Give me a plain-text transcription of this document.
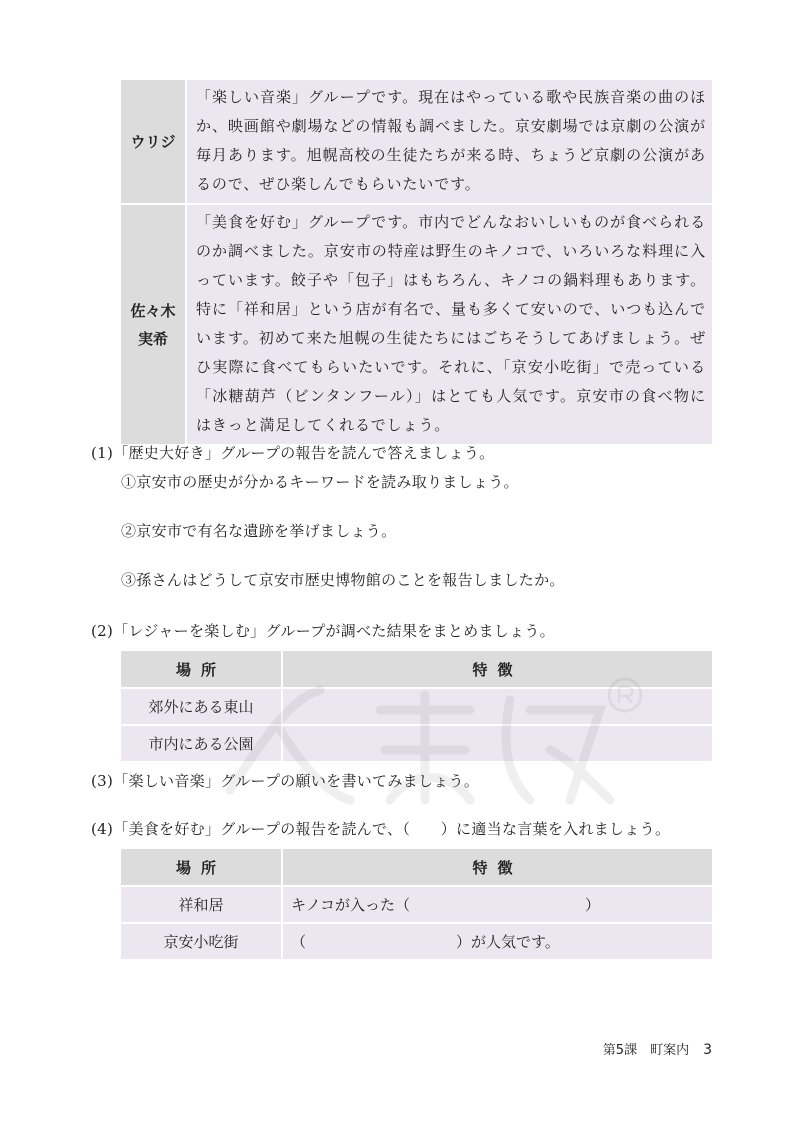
ウリジ	「楽しい音楽」グループです。現在はやっている歌や民族音楽の曲のほか、映画館や劇場などの情報も調べました。京安劇場では京劇の公演が毎月あります。旭幌高校の生徒たちが来る時、ちょうど京劇の公演があるので、ぜひ楽しんでもらいたいです。

佐々木
実希	「美食を好む」グループです。市内でどんなおいしいものが食べられるのか調べました。京安市の特産は野生のキノコで、いろいろな料理に入っています。餃子や「包子」はもちろん、キノコの鍋料理もあります。特に「祥和居」という店が有名で、量も多くて安いので、いつも込んでいます。初めて来た旭幌の生徒たちにはごちそうしてあげましょう。ぜひ実際に食べてもらいたいです。それに、「京安小吃街」で売っている「冰糖葫芦（ビンタンフール）」はとても人気です。京安市の食べ物にはきっと満足してくれるでしょう。
(1)「歴史大好き」グループの報告を読んで答えましょう。
①京安市の歴史が分かるキーワードを読み取りましょう。
②京安市で有名な遺跡を挙げましょう。
③孫さんはどうして京安市歴史博物館のことを報告しましたか。
(2)「レジャーを楽しむ」グループが調べた結果をまとめましょう。
場所	特徴
郊外にある東山	
市内にある公園	
(3)「楽しい音楽」グループの願いを書いてみましょう。
(4)「美食を好む」グループの報告を読んで、（　　）に適当な言葉を入れましょう。
場所	特徴
祥和居	キノコが入った（ ）
京安小吃街	（ ）が人気です。
第5課　町案内 3
